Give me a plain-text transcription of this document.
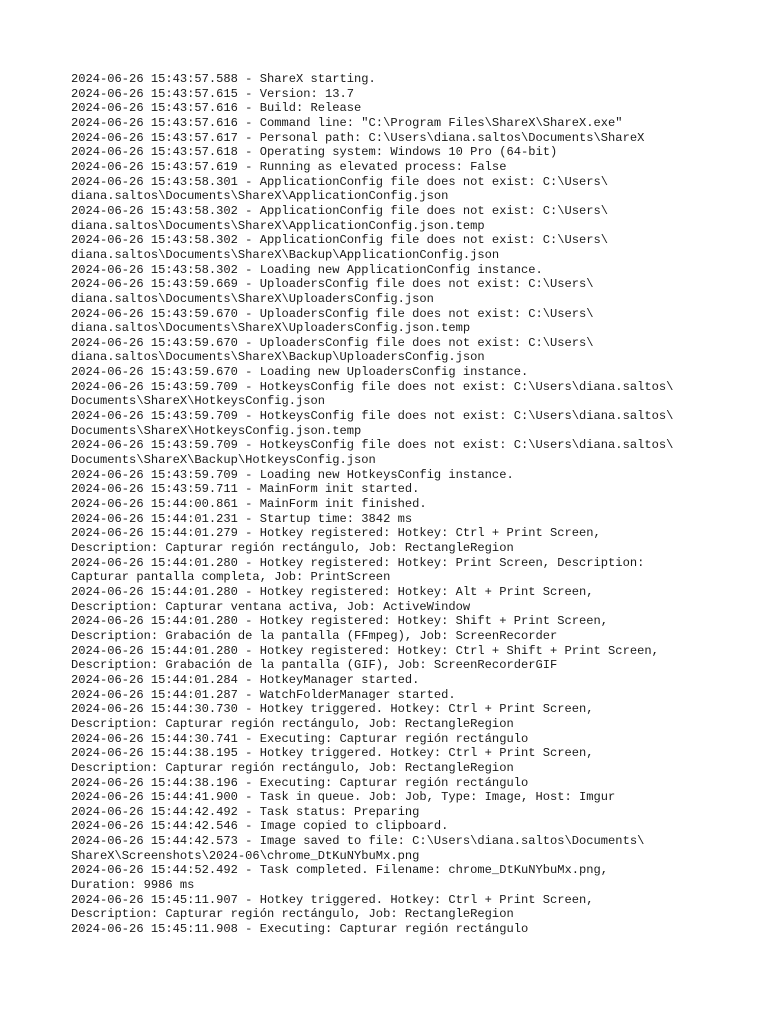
2024-06-26 15:43:57.588 - ShareX starting.
2024-06-26 15:43:57.615 - Version: 13.7
2024-06-26 15:43:57.616 - Build: Release
2024-06-26 15:43:57.616 - Command line: "C:\Program Files\ShareX\ShareX.exe"
2024-06-26 15:43:57.617 - Personal path: C:\Users\diana.saltos\Documents\ShareX
2024-06-26 15:43:57.618 - Operating system: Windows 10 Pro (64-bit)
2024-06-26 15:43:57.619 - Running as elevated process: False
2024-06-26 15:43:58.301 - ApplicationConfig file does not exist: C:\Users\
diana.saltos\Documents\ShareX\ApplicationConfig.json
2024-06-26 15:43:58.302 - ApplicationConfig file does not exist: C:\Users\
diana.saltos\Documents\ShareX\ApplicationConfig.json.temp
2024-06-26 15:43:58.302 - ApplicationConfig file does not exist: C:\Users\
diana.saltos\Documents\ShareX\Backup\ApplicationConfig.json
2024-06-26 15:43:58.302 - Loading new ApplicationConfig instance.
2024-06-26 15:43:59.669 - UploadersConfig file does not exist: C:\Users\
diana.saltos\Documents\ShareX\UploadersConfig.json
2024-06-26 15:43:59.670 - UploadersConfig file does not exist: C:\Users\
diana.saltos\Documents\ShareX\UploadersConfig.json.temp
2024-06-26 15:43:59.670 - UploadersConfig file does not exist: C:\Users\
diana.saltos\Documents\ShareX\Backup\UploadersConfig.json
2024-06-26 15:43:59.670 - Loading new UploadersConfig instance.
2024-06-26 15:43:59.709 - HotkeysConfig file does not exist: C:\Users\diana.saltos\
Documents\ShareX\HotkeysConfig.json
2024-06-26 15:43:59.709 - HotkeysConfig file does not exist: C:\Users\diana.saltos\
Documents\ShareX\HotkeysConfig.json.temp
2024-06-26 15:43:59.709 - HotkeysConfig file does not exist: C:\Users\diana.saltos\
Documents\ShareX\Backup\HotkeysConfig.json
2024-06-26 15:43:59.709 - Loading new HotkeysConfig instance.
2024-06-26 15:43:59.711 - MainForm init started.
2024-06-26 15:44:00.861 - MainForm init finished.
2024-06-26 15:44:01.231 - Startup time: 3842 ms
2024-06-26 15:44:01.279 - Hotkey registered: Hotkey: Ctrl + Print Screen,
Description: Capturar región rectángulo, Job: RectangleRegion
2024-06-26 15:44:01.280 - Hotkey registered: Hotkey: Print Screen, Description:
Capturar pantalla completa, Job: PrintScreen
2024-06-26 15:44:01.280 - Hotkey registered: Hotkey: Alt + Print Screen,
Description: Capturar ventana activa, Job: ActiveWindow
2024-06-26 15:44:01.280 - Hotkey registered: Hotkey: Shift + Print Screen,
Description: Grabación de la pantalla (FFmpeg), Job: ScreenRecorder
2024-06-26 15:44:01.280 - Hotkey registered: Hotkey: Ctrl + Shift + Print Screen,
Description: Grabación de la pantalla (GIF), Job: ScreenRecorderGIF
2024-06-26 15:44:01.284 - HotkeyManager started.
2024-06-26 15:44:01.287 - WatchFolderManager started.
2024-06-26 15:44:30.730 - Hotkey triggered. Hotkey: Ctrl + Print Screen,
Description: Capturar región rectángulo, Job: RectangleRegion
2024-06-26 15:44:30.741 - Executing: Capturar región rectángulo
2024-06-26 15:44:38.195 - Hotkey triggered. Hotkey: Ctrl + Print Screen,
Description: Capturar región rectángulo, Job: RectangleRegion
2024-06-26 15:44:38.196 - Executing: Capturar región rectángulo
2024-06-26 15:44:41.900 - Task in queue. Job: Job, Type: Image, Host: Imgur
2024-06-26 15:44:42.492 - Task status: Preparing
2024-06-26 15:44:42.546 - Image copied to clipboard.
2024-06-26 15:44:42.573 - Image saved to file: C:\Users\diana.saltos\Documents\
ShareX\Screenshots\2024-06\chrome_DtKuNYbuMx.png
2024-06-26 15:44:52.492 - Task completed. Filename: chrome_DtKuNYbuMx.png,
Duration: 9986 ms
2024-06-26 15:45:11.907 - Hotkey triggered. Hotkey: Ctrl + Print Screen,
Description: Capturar región rectángulo, Job: RectangleRegion
2024-06-26 15:45:11.908 - Executing: Capturar región rectángulo
